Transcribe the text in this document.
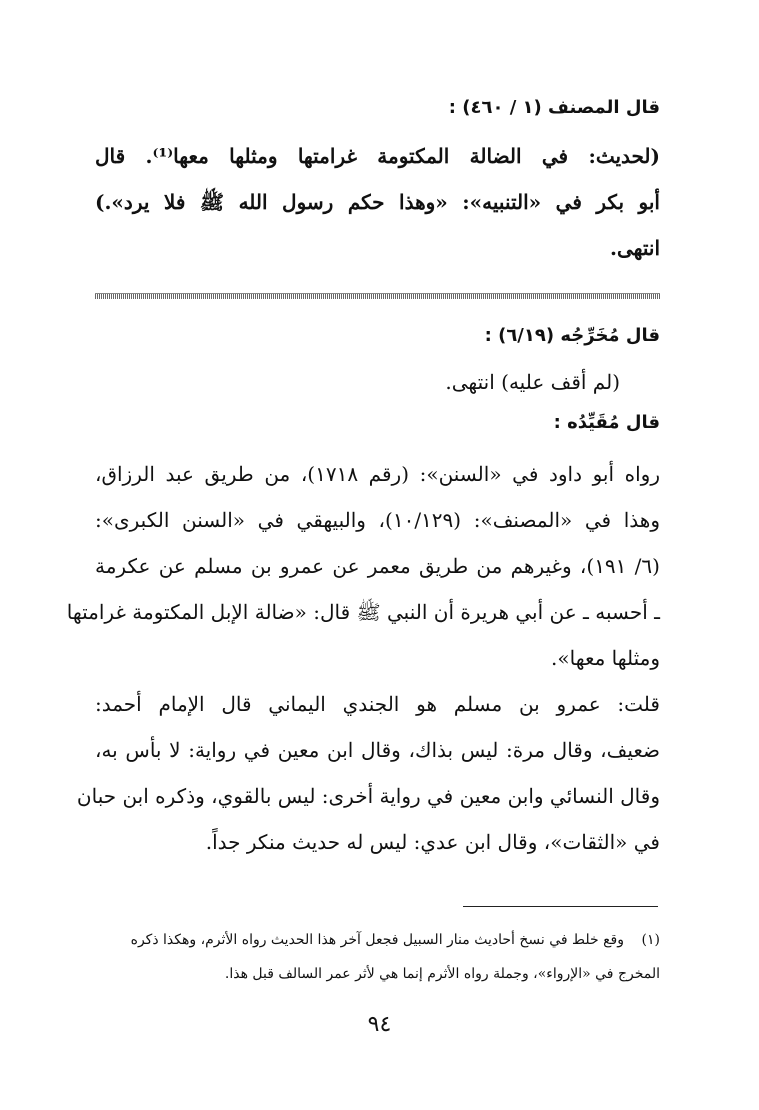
قال المصنف (١ / ٤٦٠) :
(لحديث: في الضالة المكتومة غرامتها ومثلها معها⁽¹⁾. قال
أبو بكر في «التنبيه»: «وهذا حكم رسول الله ﷺ فلا يرد».)
انتهى.
قال مُخَرِّجُه (٦/١٩) :
(لم أقف عليه) انتهى.
قال مُقَيِّدُه :
رواه أبو داود في «السنن»: (رقم ١٧١٨)، من طريق عبد الرزاق،
وهذا في «المصنف»: (١٠/١٢٩)، والبيهقي في «السنن الكبرى»:
(٦/ ١٩١)، وغيرهم من طريق معمر عن عمرو بن مسلم عن عكرمة
ـ أحسبه ـ عن أبي هريرة أن النبي ﷺ قال: «ضالة الإبل المكتومة غرامتها
ومثلها معها».
قلت: عمرو بن مسلم هو الجندي اليماني قال الإمام أحمد:
ضعيف، وقال مرة: ليس بذاك، وقال ابن معين في رواية: لا بأس به،
وقال النسائي وابن معين في رواية أخرى: ليس بالقوي، وذكره ابن حبان
في «الثقات»، وقال ابن عدي: ليس له حديث منكر جداً.
(١)وقع خلط في نسخ أحاديث منار السبيل فجعل آخر هذا الحديث رواه الأثرم، وهكذا ذكره
المخرج في «الإرواء»، وجملة رواه الأثرم إنما هي لأثر عمر السالف قبل هذا.
٩٤
